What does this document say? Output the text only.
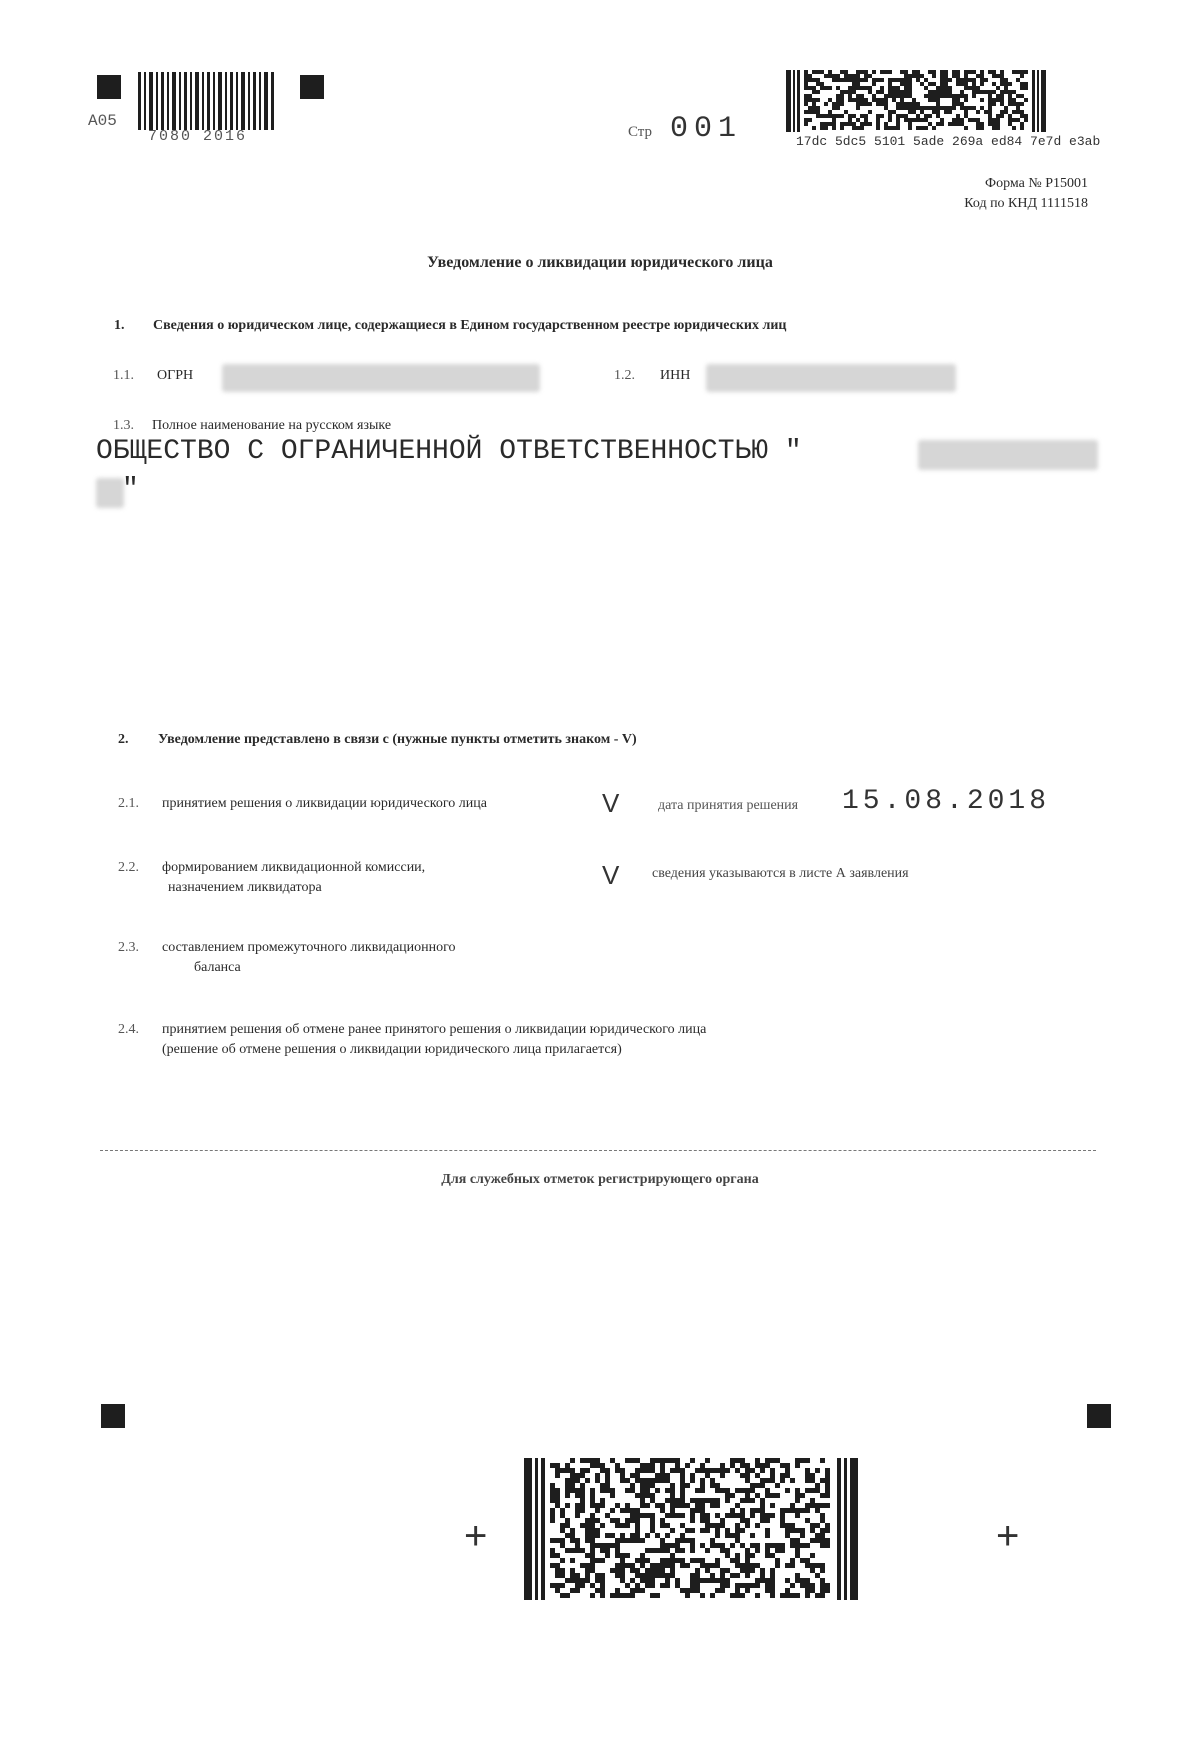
А05
7080 2016	Стр 001	17dc 5dc5 5101 5ade 269a ed84 7e7d e3ab
Форма № Р15001
Код по КНД 1111518
Уведомление о ликвидации юридического лица
1. Сведения о юридическом лице, содержащиеся в Едином государственном реестре юридических лиц
1.1. ОГРН	1.2. ИНН
1.3. Полное наименование на русском языке
ОБЩЕСТВО С ОГРАНИЧЕННОЙ ОТВЕТСТВЕННОСТЬЮ "
"
2. Уведомление представлено в связи с (нужные пункты отметить знаком - V)
2.1. принятием решения о ликвидации юридического лица	V	дата принятия решения 15.08.2018
2.2. формированием ликвидационной комиссии,
назначением ликвидатора	V сведения указываются в листе А заявления
2.3. составлением промежуточного ликвидационного
баланса
2.4. принятием решения об отмене ранее принятого решения о ликвидации юридического лица
(решение об отмене решения о ликвидации юридического лица прилагается)
Для служебных отметок регистрирующего органа
+	+
